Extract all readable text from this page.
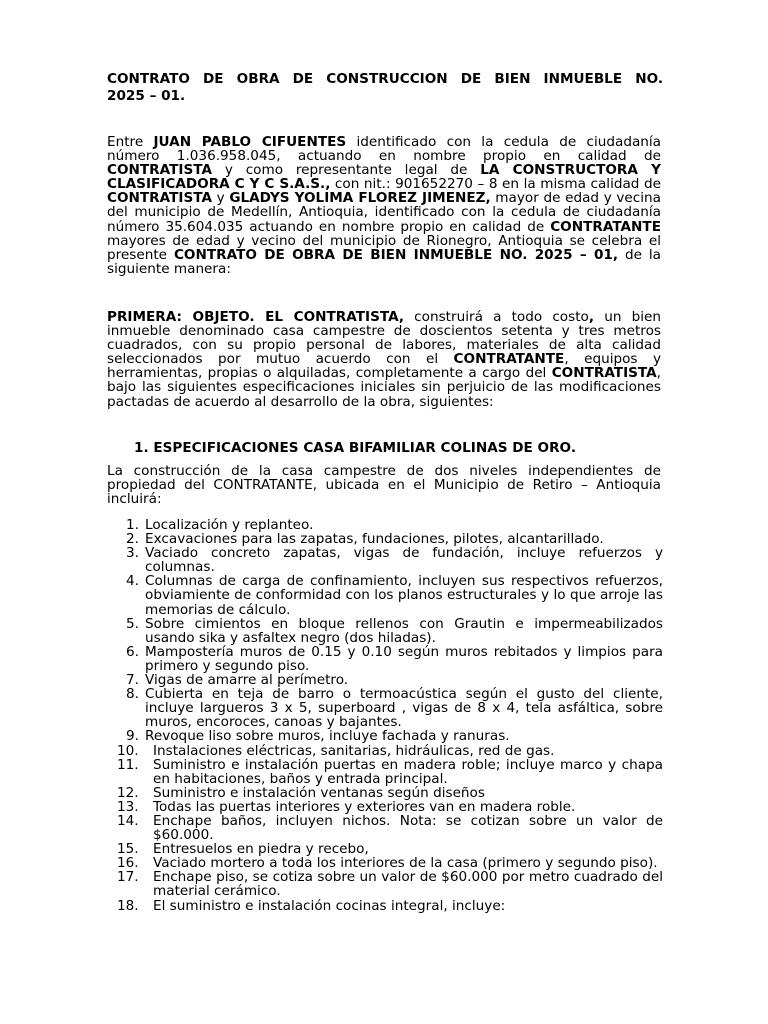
CONTRATO DE OBRA DE CONSTRUCCION DE BIEN INMUEBLE NO.
2025 – 01.
Entre JUAN PABLO CIFUENTES identificado con la cedula de ciudadanía número 1.036.958.045, actuando en nombre propio en calidad de CONTRATISTA y como representante legal de LA CONSTRUCTORA Y CLASIFICADORA C Y C S.A.S., con nit.: 901652270 – 8 en la misma calidad de CONTRATISTA y GLADYS YOLIMA FLOREZ JIMENEZ, mayor de edad y vecina del municipio de Medellín, Antioquia, identificado con la cedula de ciudadanía número 35.604.035 actuando en nombre propio en calidad de CONTRATANTE mayores de edad y vecino del municipio de Rionegro, Antioquia se celebra el presente CONTRATO DE OBRA DE BIEN INMUEBLE NO. 2025 – 01, de la siguiente manera:
PRIMERA: OBJETO. EL CONTRATISTA, construirá a todo costo, un bien inmueble denominado casa campestre de doscientos setenta y tres metros cuadrados, con su propio personal de labores, materiales de alta calidad seleccionados por mutuo acuerdo con el CONTRATANTE, equipos y herramientas, propias o alquiladas, completamente a cargo del CONTRATISTA, bajo las siguientes especificaciones iniciales sin perjuicio de las modificaciones pactadas de acuerdo al desarrollo de la obra, siguientes:
1. ESPECIFICACIONES CASA BIFAMILIAR COLINAS DE ORO.
La construcción de la casa campestre de dos niveles independientes de propiedad del CONTRATANTE, ubicada en el Municipio de Retiro – Antioquia incluirá:
1. Localización y replanteo.
2. Excavaciones para las zapatas, fundaciones, pilotes, alcantarillado.
3. Vaciado concreto zapatas, vigas de fundación, incluye refuerzos y columnas.
4. Columnas de carga de confinamiento, incluyen sus respectivos refuerzos, obviamiente de conformidad con los planos estructurales y lo que arroje las memorias de cálculo.
5. Sobre cimientos en bloque rellenos con Grautin e impermeabilizados usando sika y asfaltex negro (dos hiladas).
6. Mampostería muros de 0.15 y 0.10 según muros rebitados y limpios para primero y segundo piso.
7. Vigas de amarre al perímetro.
8. Cubierta en teja de barro o termoacústica según el gusto del cliente, incluye largueros 3 x 5, superboard , vigas de 8 x 4, tela asfáltica, sobre muros, encoroces, canoas y bajantes.
9. Revoque liso sobre muros, incluye fachada y ranuras.
10.	Instalaciones eléctricas, sanitarias, hidráulicas, red de gas.
11.	Suministro e instalación puertas en madera roble; incluye marco y chapa en habitaciones, baños y entrada principal.
12.	Suministro e instalación ventanas según diseños
13.	Todas las puertas interiores y exteriores van en madera roble.
14.	Enchape baños, incluyen nichos. Nota: se cotizan sobre un valor de $60.000.
15.	Entresuelos en piedra y recebo,
16.	Vaciado mortero a toda los interiores de la casa (primero y segundo piso).
17.	Enchape piso, se cotiza sobre un valor de $60.000 por metro cuadrado del material cerámico.
18.	El suministro e instalación cocinas integral, incluye:
